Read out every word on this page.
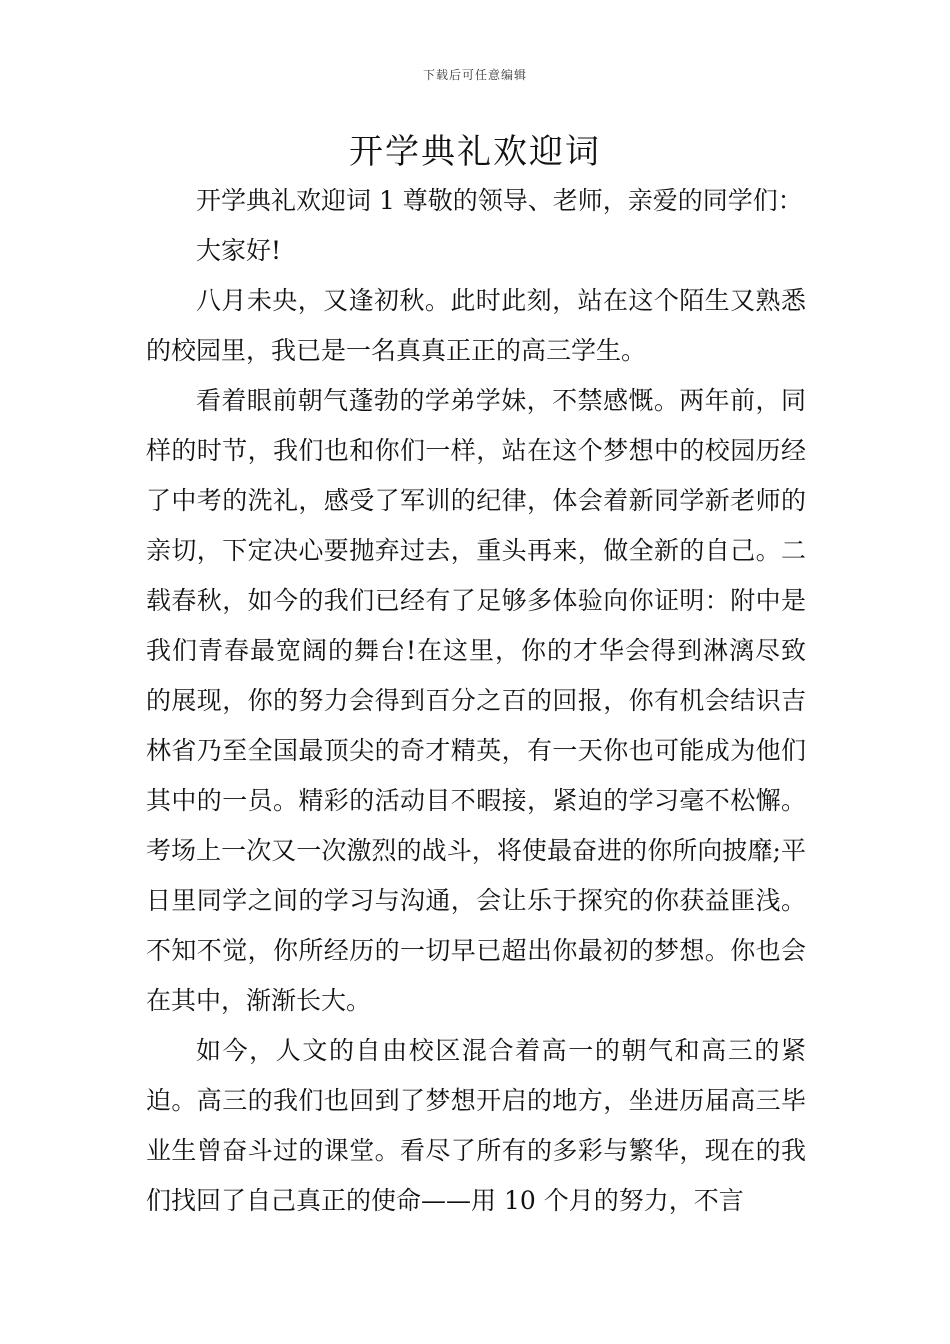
下载后可任意编辑
开学典礼欢迎词

开学典礼欢迎词 1 尊敬的领导、老师，亲爱的同学们：

大家好!

八月未央，又逢初秋。此时此刻，站在这个陌生又熟悉的校园里，我已是一名真真正正的高三学生。

看着眼前朝气蓬勃的学弟学妹，不禁感慨。两年前，同样的时节，我们也和你们一样，站在这个梦想中的校园历经了中考的洗礼，感受了军训的纪律，体会着新同学新老师的亲切，下定决心要抛弃过去，重头再来，做全新的自己。二载春秋，如今的我们已经有了足够多体验向你证明：附中是我们青春最宽阔的舞台!在这里，你的才华会得到淋漓尽致的展现，你的努力会得到百分之百的回报，你有机会结识吉林省乃至全国最顶尖的奇才精英，有一天你也可能成为他们其中的一员。精彩的活动目不暇接，紧迫的学习毫不松懈。考场上一次又一次激烈的战斗，将使最奋进的你所向披靡;平日里同学之间的学习与沟通，会让乐于探究的你获益匪浅。不知不觉，你所经历的一切早已超出你最初的梦想。你也会在其中，渐渐长大。

如今，人文的自由校区混合着高一的朝气和高三的紧迫。高三的我们也回到了梦想开启的地方，坐进历届高三毕业生曾奋斗过的课堂。看尽了所有的多彩与繁华，现在的我们找回了自己真正的使命——用 10 个月的努力，不言
